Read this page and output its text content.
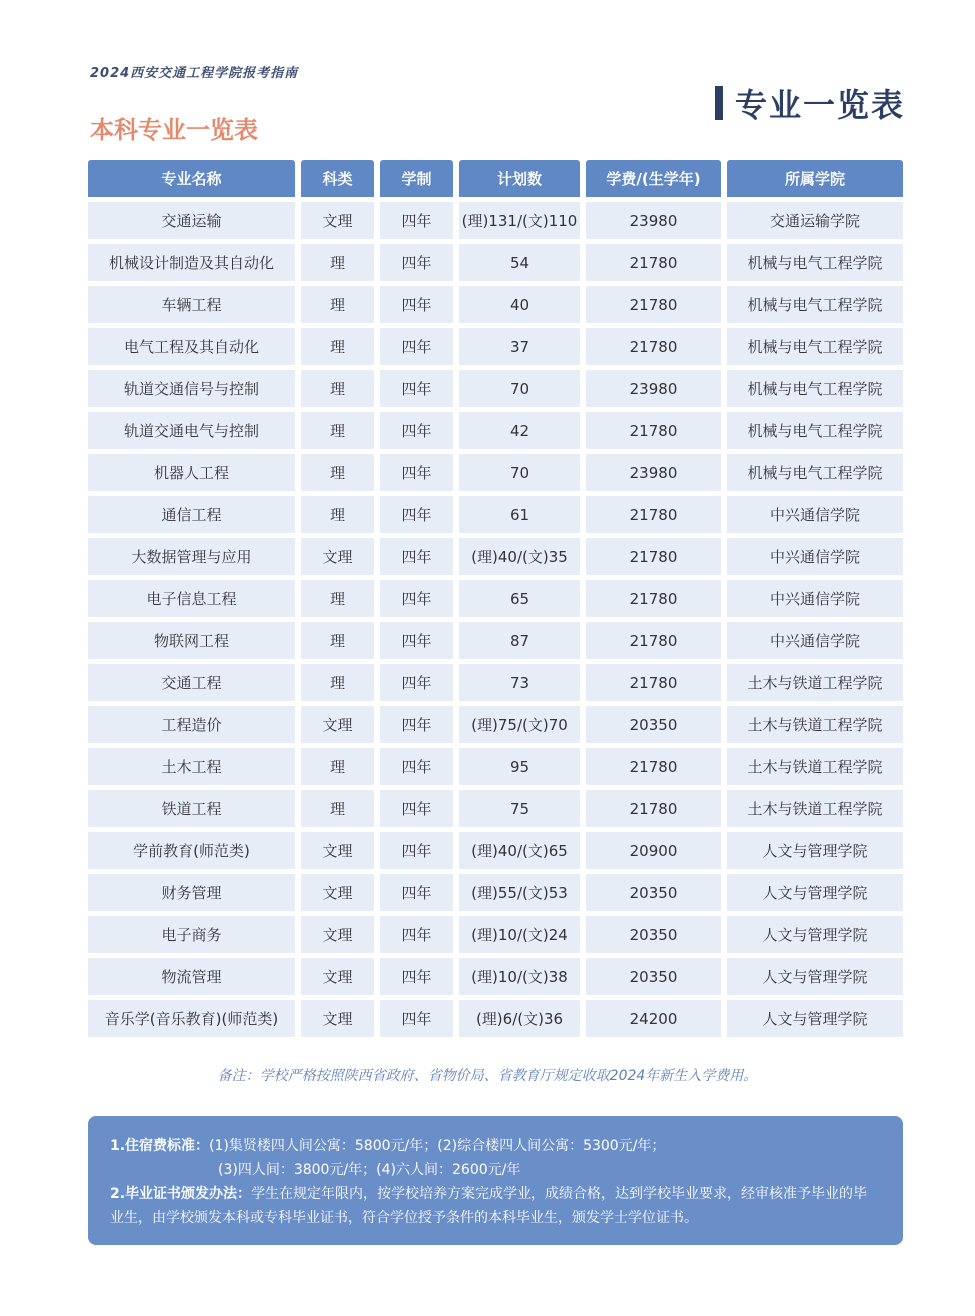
2024西安交通工程学院报考指南
本科专业一览表
专业一览表
专业名称	科类	学制	计划数	学费/(生学年)	所属学院
交通运输	文理	四年	(理)131/(文)110	23980	交通运输学院
机械设计制造及其自动化	理	四年	54	21780	机械与电气工程学院
车辆工程	理	四年	40	21780	机械与电气工程学院
电气工程及其自动化	理	四年	37	21780	机械与电气工程学院
轨道交通信号与控制	理	四年	70	23980	机械与电气工程学院
轨道交通电气与控制	理	四年	42	21780	机械与电气工程学院
机器人工程	理	四年	70	23980	机械与电气工程学院
通信工程	理	四年	61	21780	中兴通信学院
大数据管理与应用	文理	四年	(理)40/(文)35	21780	中兴通信学院
电子信息工程	理	四年	65	21780	中兴通信学院
物联网工程	理	四年	87	21780	中兴通信学院
交通工程	理	四年	73	21780	土木与铁道工程学院
工程造价	文理	四年	(理)75/(文)70	20350	土木与铁道工程学院
土木工程	理	四年	95	21780	土木与铁道工程学院
铁道工程	理	四年	75	21780	土木与铁道工程学院
学前教育(师范类)	文理	四年	(理)40/(文)65	20900	人文与管理学院
财务管理	文理	四年	(理)55/(文)53	20350	人文与管理学院
电子商务	文理	四年	(理)10/(文)24	20350	人文与管理学院
物流管理	文理	四年	(理)10/(文)38	20350	人文与管理学院
音乐学(音乐教育)(师范类)	文理	四年	(理)6/(文)36	24200	人文与管理学院
备注：学校严格按照陕西省政府、省物价局、省教育厅规定收取2024年新生入学费用。
1.住宿费标准：(1)集贤楼四人间公寓：5800元/年；(2)综合楼四人间公寓：5300元/年；
(3)四人间：3800元/年；(4)六人间：2600元/年
2.毕业证书颁发办法：学生在规定年限内，按学校培养方案完成学业，成绩合格，达到学校毕业要求，经审核准予毕业的毕业生，由学校颁发本科或专科毕业证书，符合学位授予条件的本科毕业生，颁发学士学位证书。
